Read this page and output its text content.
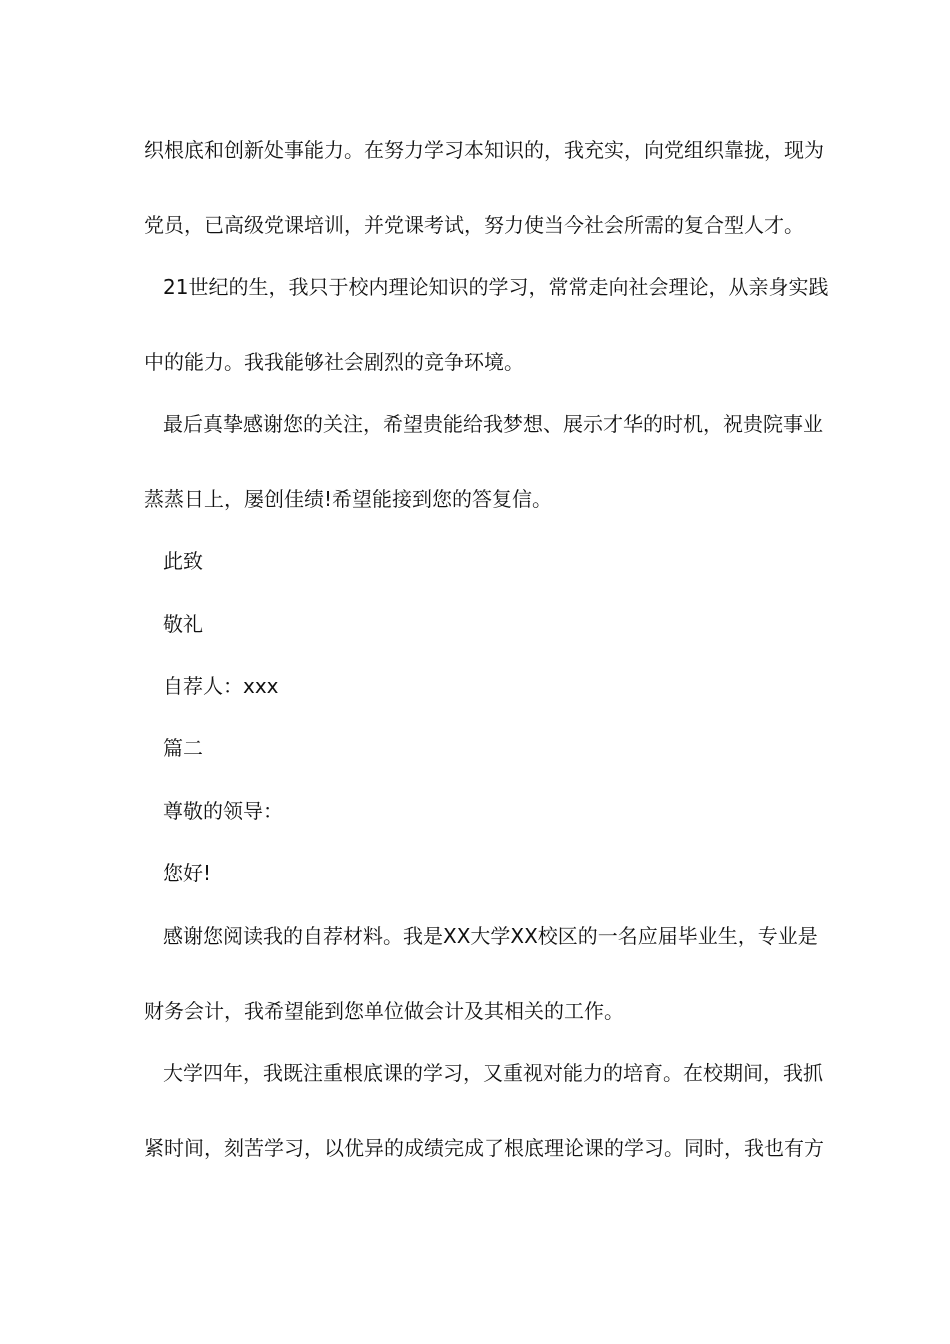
织根底和创新处事能力。在努力学习本知识的，我充实，向党组织靠拢，现为
党员，已高级党课培训，并党课考试，努力使当今社会所需的复合型人才。
21世纪的生，我只于校内理论知识的学习，常常走向社会理论，从亲身实践
中的能力。我我能够社会剧烈的竞争环境。
最后真挚感谢您的关注，希望贵能给我梦想、展示才华的时机，祝贵院事业
蒸蒸日上，屡创佳绩!希望能接到您的答复信。
此致
敬礼
自荐人：xxx
篇二
尊敬的领导：
您好!
感谢您阅读我的自荐材料。我是XX大学XX校区的一名应届毕业生，专业是
财务会计，我希望能到您单位做会计及其相关的工作。
大学四年，我既注重根底课的学习，又重视对能力的培育。在校期间，我抓
紧时间，刻苦学习，以优异的成绩完成了根底理论课的学习。同时，我也有方
